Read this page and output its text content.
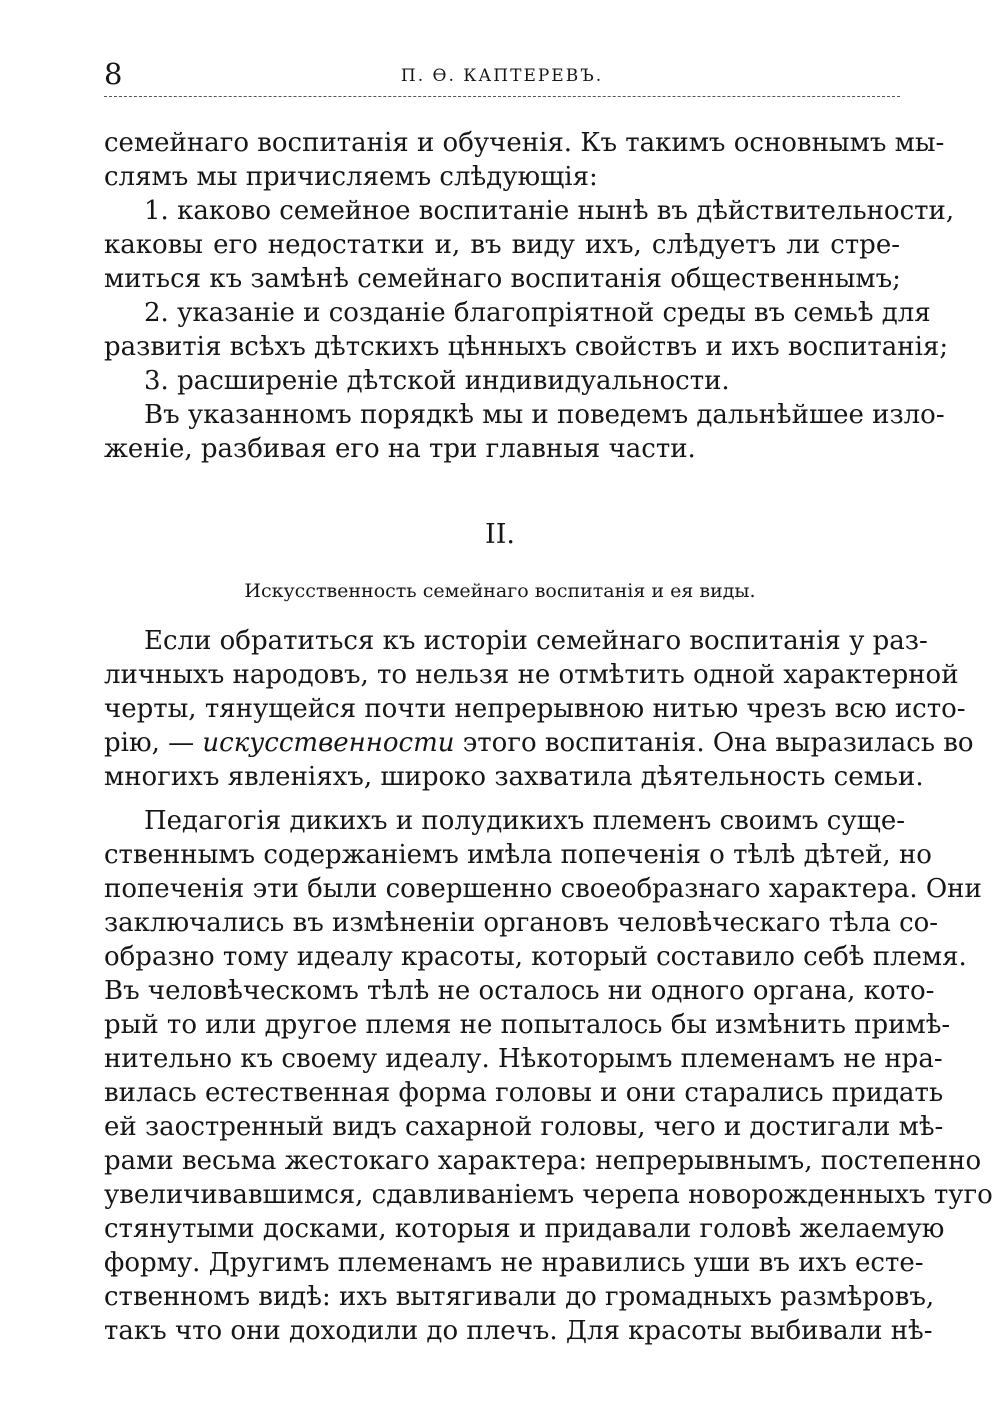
8	П. Ѳ. КАПТЕРЕВЪ.
семейнаго воспитанія и обученія. Къ такимъ основнымъ мы-
слямъ мы причисляемъ слѣдующія:
1. каково семейное воспитаніе нынѣ въ дѣйствительности,
каковы его недостатки и, въ виду ихъ, слѣдуетъ ли стре-
миться къ замѣнѣ семейнаго воспитанія общественнымъ;
2. указаніе и созданіе благопріятной среды въ семьѣ для
развитія всѣхъ дѣтскихъ цѣнныхъ свойствъ и ихъ воспитанія;
3. расширеніе дѣтской индивидуальности.
Въ указанномъ порядкѣ мы и поведемъ дальнѣйшее изло-
женіе, разбивая его на три главныя части.
II.
Искусственность семейнаго воспитанія и ея виды.
Если обратиться къ исторіи семейнаго воспитанія у раз-
личныхъ народовъ, то нельзя не отмѣтить одной характерной
черты, тянущейся почти непрерывною нитью чрезъ всю исто-
рію, — искусственности этого воспитанія. Она выразилась во
многихъ явленіяхъ, широко захватила дѣятельность семьи.
Педагогія дикихъ и полудикихъ племенъ своимъ суще-
ственнымъ содержаніемъ имѣла попеченія о тѣлѣ дѣтей, но
попеченія эти были совершенно своеобразнаго характера. Они
заключались въ измѣненіи органовъ человѣческаго тѣла со-
образно тому идеалу красоты, который составило себѣ племя.
Въ человѣческомъ тѣлѣ не осталось ни одного органа, кото-
рый то или другое племя не попыталось бы измѣнить примѣ-
нительно къ своему идеалу. Нѣкоторымъ племенамъ не нра-
вилась естественная форма головы и они старались придать
ей заостренный видъ сахарной головы, чего и достигали мѣ-
рами весьма жестокаго характера: непрерывнымъ, постепенно
увеличивавшимся, сдавливаніемъ черепа новорожденныхъ туго
стянутыми досками, которыя и придавали головѣ желаемую
форму. Другимъ племенамъ не нравились уши въ ихъ есте-
ственномъ видѣ: ихъ вытягивали до громадныхъ размѣровъ,
такъ что они доходили до плечъ. Для красоты выбивали нѣ-
